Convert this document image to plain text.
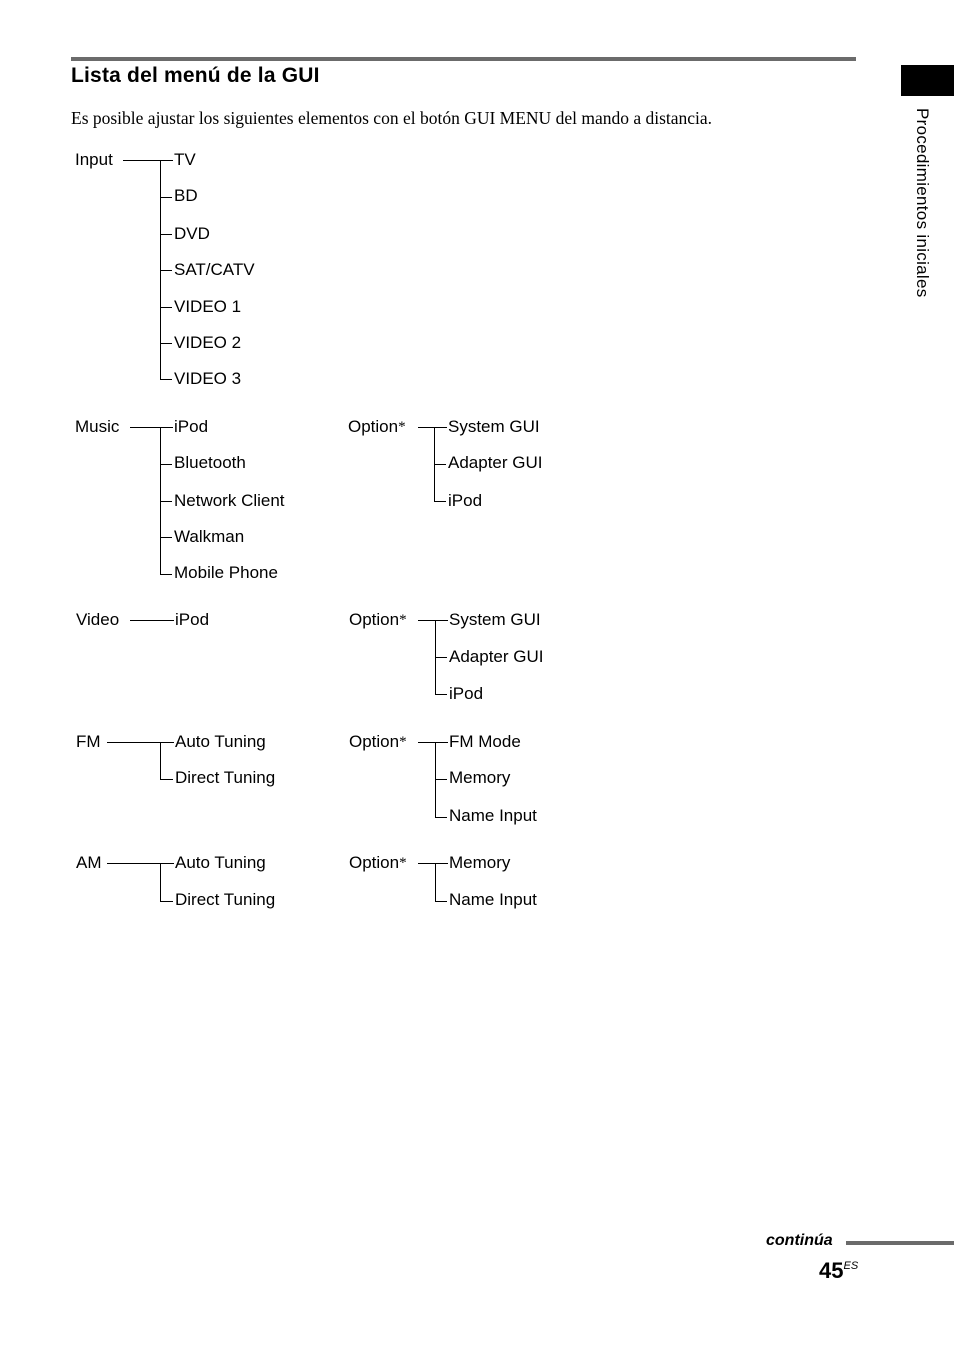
Lista del menú de la GUI
Es posible ajustar los siguientes elementos con el botón GUI MENU del mando a distancia.	Procedimientos iniciales
Input	TV
BD
DVD
SAT/CATV
VIDEO 1
VIDEO 2
VIDEO 3
Music	iPod
Bluetooth
Network Client
Walkman
Mobile Phone
Option* System GUI
Adapter GUI
iPod
Video	iPod	Option* System GUI
Adapter GUI
iPod
FM	Auto Tuning
Direct Tuning
Option* FM Mode
Memory
Name Input
AM	Auto Tuning
Direct Tuning
Option* Memory
Name Input
continúa
$45^{ES}$
